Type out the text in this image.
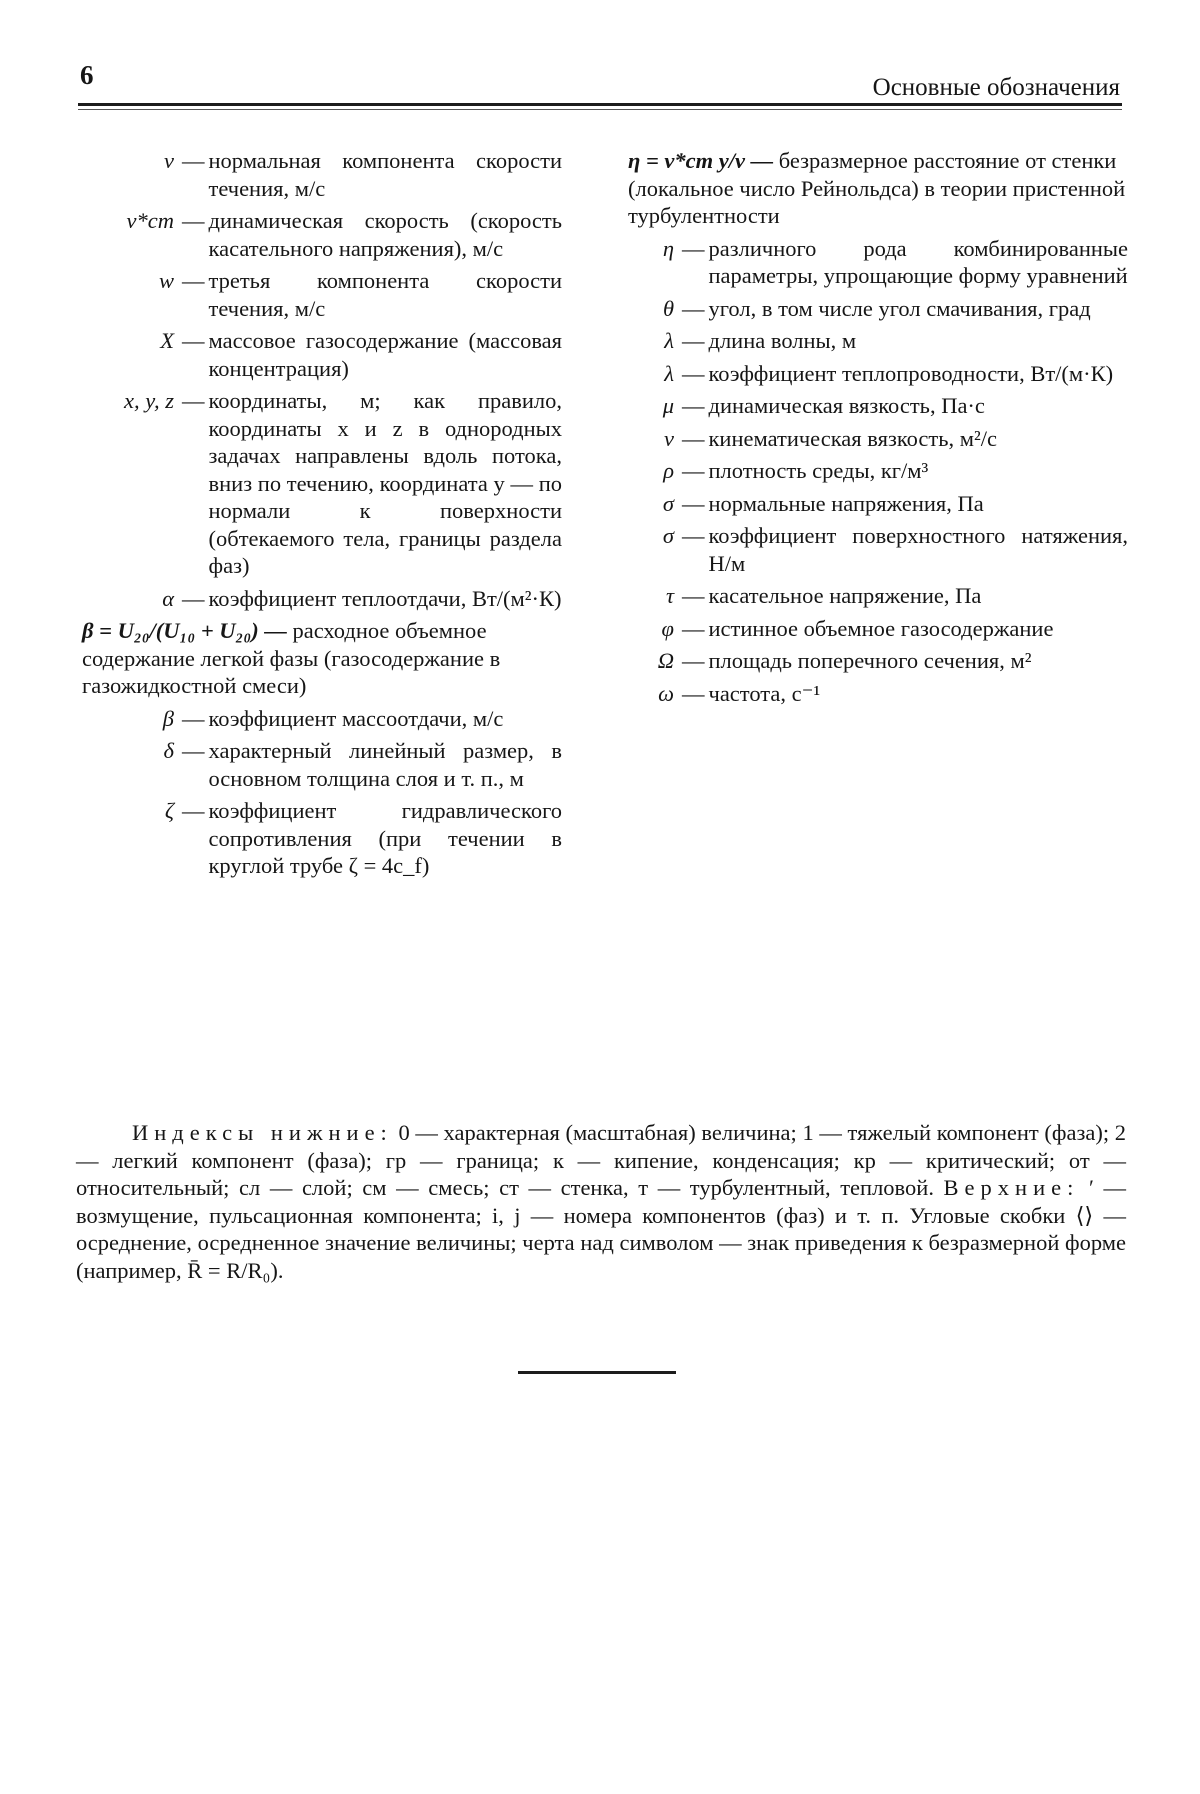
6	Основные обозначения
v — нормальная компонента скорости течения, м/с
v*ст — динамическая скорость (скорость касательного напряжения), м/с
w — третья компонента скорости течения, м/с
X — массовое газосодержание (массовая концентрация)
x, y, z — координаты, м; как правило, координаты x и z в однородных задачах направлены вдоль потока, вниз по течению, координата y — по нормали к поверхности (обтекаемого тела, границы раздела фаз)
α — коэффициент теплоотдачи, Вт/(м²·К)
β = U₂₀/(U₁₀ + U₂₀) — расходное объемное содержание легкой фазы (газосодержание в газожидкостной смеси)
β — коэффициент массоотдачи, м/с
δ — характерный линейный размер, в основном толщина слоя и т. п., м
ζ — коэффициент гидравлического сопротивления (при течении в круглой трубе ζ = 4c_f)
η = v*ст y/ν — безразмерное расстояние от стенки (локальное число Рейнольдса) в теории пристенной турбулентности
η — различного рода комбинированные параметры, упрощающие форму уравнений
θ — угол, в том числе угол смачивания, град
λ — длина волны, м
λ — коэффициент теплопроводности, Вт/(м·К)
μ — динамическая вязкость, Па·с
ν — кинематическая вязкость, м²/с
ρ — плотность среды, кг/м³
σ — нормальные напряжения, Па
σ — коэффициент поверхностного натяжения, Н/м
τ — касательное напряжение, Па
φ — истинное объемное газосодержание
Ω — площадь поперечного сечения, м²
ω — частота, с⁻¹
Индексы нижние: 0 — характерная (масштабная) величина; 1 — тяжелый компонент (фаза); 2 — легкий компонент (фаза); гр — граница; к — кипение, конденсация; кр — критический; от — относительный; сл — слой; см — смесь; ст — стенка, т — турбулентный, тепловой. Верхние: ′ — возмущение, пульсационная компонента; i, j — номера компонентов (фаз) и т. п. Угловые скобки ⟨⟩ — осреднение, осредненное значение величины; черта над символом — знак приведения к безразмерной форме (например, R̄ = R/R₀).
